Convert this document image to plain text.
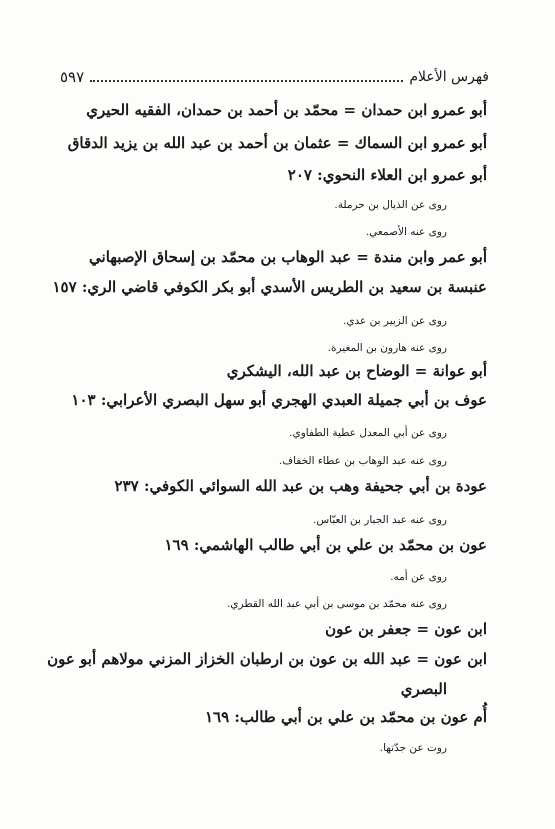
فهرس الأعلام
٥٩٧
أبو عمرو ابن حمدان = محمّد بن أحمد بن حمدان، الفقيه الحيري
أبو عمرو ابن السماك = عثمان بن أحمد بن عبد الله بن يزيد الدقاق
أبو عمرو ابن العلاء النحوي: ٢٠٧
روى عن الذيال بن حرملة.
روى عنه الأصمعي.
أبو عمر وابن مندة = عبد الوهاب بن محمّد بن إسحاق الإصبهاني
عنبسة بن سعيد بن الطريس الأسدي أبو بكر الكوفي قاضي الري: ١٥٧
روى عن الزبير بن عدي.
روى عنه هارون بن المغيرة.
أبو عوانة = الوضاح بن عبد الله، اليشكري
عوف بن أبي جميلة العبدي الهجري أبو سهل البصري الأعرابي: ١٠٣
روى عن أبي المعدل عطية الطفاوي.
روى عنه عبد الوهاب بن عطاء الخفاف.
عودة بن أبي جحيفة وهب بن عبد الله السوائي الكوفي: ٢٣٧
روى عنه عبد الجبار بن العبّاس.
عون بن محمّد بن علي بن أبي طالب الهاشمي: ١٦٩
روى عن أمه.
روى عنه محمّد بن موسى بن أبي عبد الله القطري.
ابن عون = جعفر بن عون
ابن عون = عبد الله بن عون بن ارطبان الخزاز المزني مولاهم أبو عون
البصري
أُم عون بن محمّد بن علي بن أبي طالب: ١٦٩
روت عن جدّتها.
